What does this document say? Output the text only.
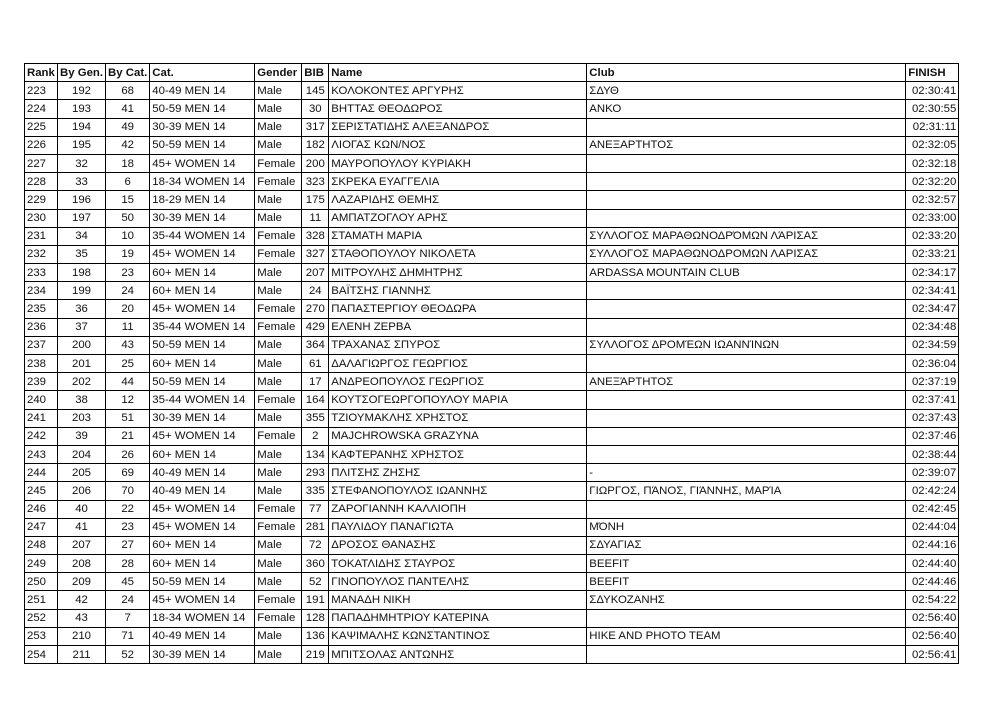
Rank	By Gen.	By Cat.	Cat.	Gender	BIB	Name	Club	FINISH
223	192	68	40-49 MEN 14	Male	145	ΚΟΛΟΚΟΝΤΕΣ ΑΡΓΥΡΗΣ	ΣΔΥΘ	02:30:41
224	193	41	50-59 MEN 14	Male	30	ΒΗΤΤΑΣ ΘΕΟΔΩΡΟΣ	ΑΝΚΟ	02:30:55
225	194	49	30-39 MEN 14	Male	317	ΣΕΡΙΣΤΑΤΙΔΗΣ ΑΛΕΞΑΝΔΡΟΣ		02:31:11
226	195	42	50-59 MEN 14	Male	182	ΛΙΟΓΑΣ ΚΩΝ/ΝΟΣ	ΑΝΕΞΑΡΤΗΤΟΣ	02:32:05
227	32	18	45+ WOMEN 14	Female	200	ΜΑΥΡΟΠΟΥΛΟΥ ΚΥΡΙΑΚΗ		02:32:18
228	33	6	18-34 WOMEN 14	Female	323	ΣΚΡΕΚΑ ΕΥΑΓΓΕΛΙΑ		02:32:20
229	196	15	18-29 MEN 14	Male	175	ΛΑΖΑΡΙΔΗΣ ΘΕΜΗΣ		02:32:57
230	197	50	30-39 MEN 14	Male	11	ΑΜΠΑΤΖΟΓΛΟΥ ΑΡΗΣ		02:33:00
231	34	10	35-44 WOMEN 14	Female	328	ΣΤΑΜΑΤΗ ΜΑΡΙΑ	ΣΥΛΛΟΓΟΣ ΜΑΡΑΘΩΝΟΔΡΌΜΩΝ ΛΆΡΙΣΑΣ	02:33:20
232	35	19	45+ WOMEN 14	Female	327	ΣΤΑΘΟΠΟΥΛΟΥ ΝΙΚΟΛΕΤΑ	ΣΥΛΛΟΓΟΣ ΜΑΡΑΘΩΝΟΔΡΟΜΩΝ ΛΑΡΙΣΑΣ	02:33:21
233	198	23	60+ MEN 14	Male	207	ΜΙΤΡΟΥΛΗΣ ΔΗΜΗΤΡΗΣ	ARDASSA MOUNTAIN CLUB	02:34:17
234	199	24	60+ MEN 14	Male	24	ΒΑΪΤΣΗΣ ΓΙΑΝΝΗΣ		02:34:41
235	36	20	45+ WOMEN 14	Female	270	ΠΑΠΑΣΤΕΡΓΙΟΥ ΘΕΟΔΩΡΑ		02:34:47
236	37	11	35-44 WOMEN 14	Female	429	ΕΛΕΝΗ ΖΕΡΒΑ		02:34:48
237	200	43	50-59 MEN 14	Male	364	ΤΡΑΧΑΝΑΣ ΣΠΥΡΟΣ	ΣΥΛΛΟΓΟΣ ΔΡΟΜΈΩΝ ΙΩΑΝΝΊΝΩΝ	02:34:59
238	201	25	60+ MEN 14	Male	61	ΔΑΛΑΓΙΩΡΓΟΣ ΓΕΩΡΓΙΟΣ		02:36:04
239	202	44	50-59 MEN 14	Male	17	ΑΝΔΡΕΟΠΟΥΛΟΣ ΓΕΩΡΓΙΟΣ	ΑΝΕΞΆΡΤΗΤΟΣ	02:37:19
240	38	12	35-44 WOMEN 14	Female	164	ΚΟΥΤΣΟΓΕΩΡΓΟΠΟΥΛΟΥ ΜΑΡΙΑ		02:37:41
241	203	51	30-39 MEN 14	Male	355	ΤΖΙΟΥΜΑΚΛΗΣ ΧΡΗΣΤΟΣ		02:37:43
242	39	21	45+ WOMEN 14	Female	2	MAJCHROWSKA GRAZYNA		02:37:46
243	204	26	60+ MEN 14	Male	134	ΚΑΦΤΕΡΑΝΗΣ ΧΡΗΣΤΟΣ		02:38:44
244	205	69	40-49 MEN 14	Male	293	ΠΛΙΤΣΗΣ ΖΗΣΗΣ	-	02:39:07
245	206	70	40-49 MEN 14	Male	335	ΣΤΕΦΑΝΟΠΟΥΛΟΣ ΙΩΑΝΝΗΣ	ΓΙΩΡΓΟΣ, ΠΆΝΟΣ, ΓΙΆΝΝΗΣ, ΜΑΡΊΑ	02:42:24
246	40	22	45+ WOMEN 14	Female	77	ΖΑΡΟΓΙΑΝΝΗ ΚΑΛΛΙΟΠΗ		02:42:45
247	41	23	45+ WOMEN 14	Female	281	ΠΑΥΛΙΔΟΥ ΠΑΝΑΓΙΩΤΑ	ΜΌΝΗ	02:44:04
248	207	27	60+ MEN 14	Male	72	ΔΡΟΣΟΣ ΘΑΝΑΣΗΣ	ΣΔΥΑΓΙΑΣ	02:44:16
249	208	28	60+ MEN 14	Male	360	ΤΟΚΑΤΛΙΔΗΣ ΣΤΑΥΡΟΣ	BEEFIT	02:44:40
250	209	45	50-59 MEN 14	Male	52	ΓΙΝΟΠΟΥΛΟΣ ΠΑΝΤΕΛΗΣ	BEEFIT	02:44:46
251	42	24	45+ WOMEN 14	Female	191	ΜΑΝΑΔΗ ΝΙΚΗ	ΣΔΥΚΟΖΑΝΗΣ	02:54:22
252	43	7	18-34 WOMEN 14	Female	128	ΠΑΠΑΔΗΜΗΤΡΙΟΥ ΚΑΤΕΡΙΝΑ		02:56:40
253	210	71	40-49 MEN 14	Male	136	ΚΑΨΙΜΑΛΗΣ ΚΩΝΣΤΑΝΤΙΝΟΣ	HIKE AND PHOTO TEAM	02:56:40
254	211	52	30-39 MEN 14	Male	219	ΜΠΙΤΣΟΛΑΣ ΑΝΤΩΝΗΣ		02:56:41
